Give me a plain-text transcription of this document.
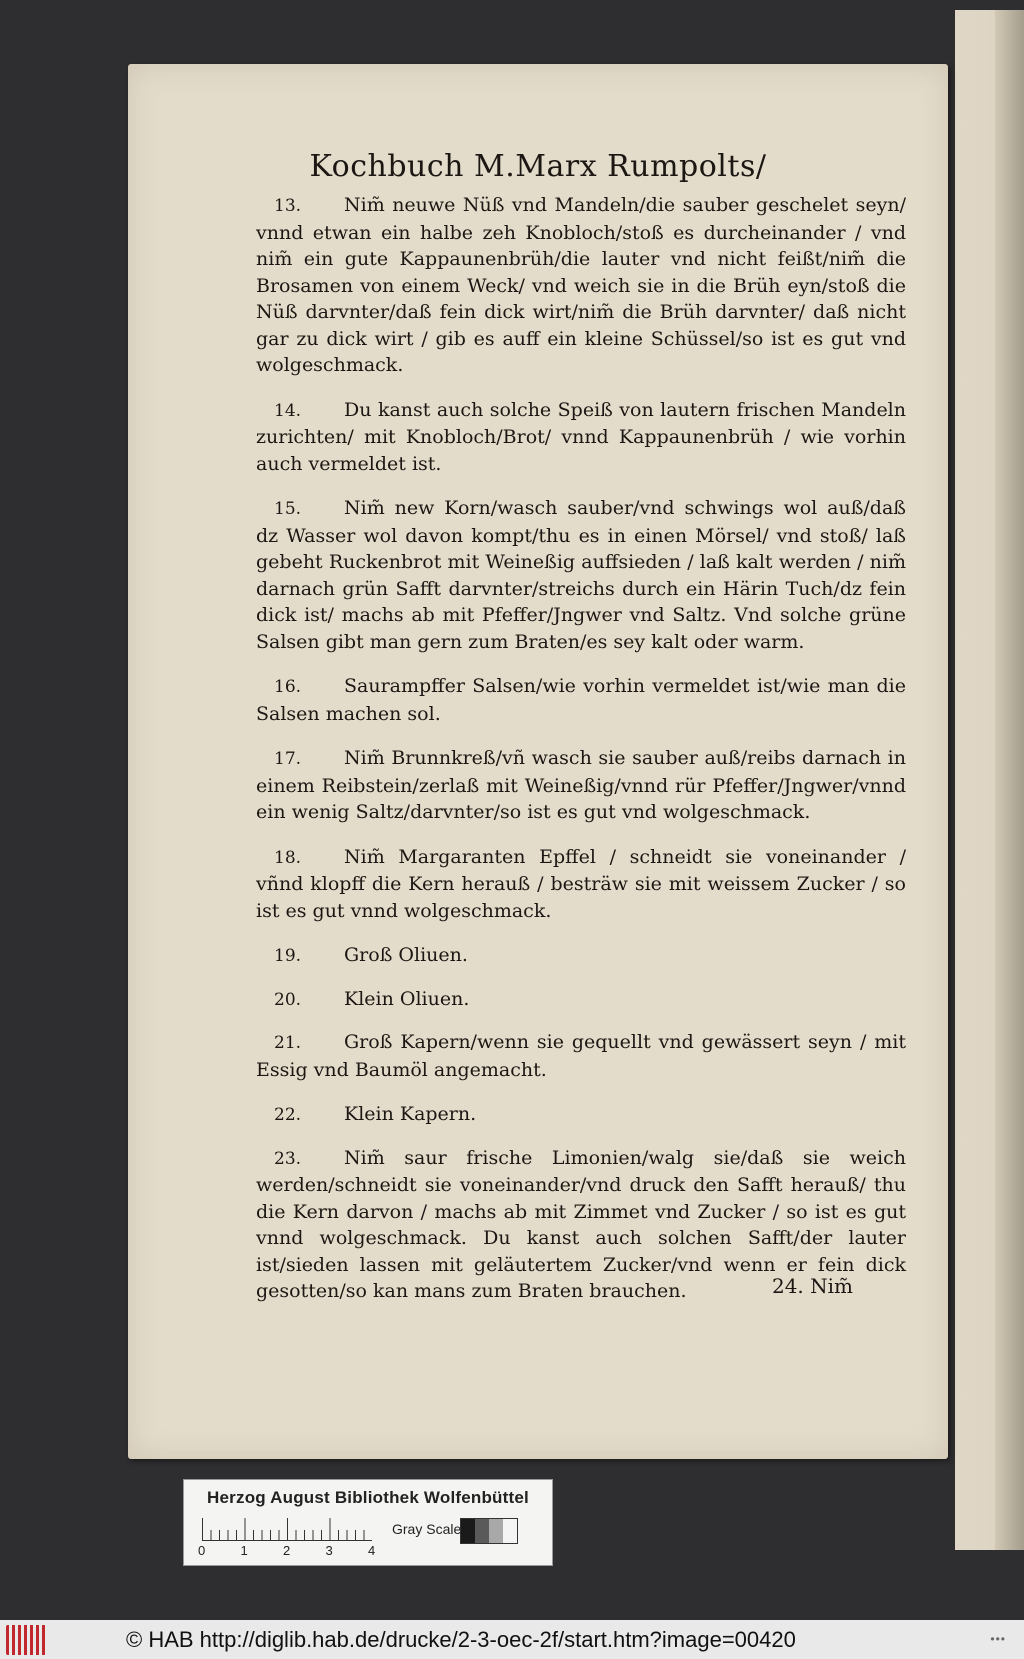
Kochbuch M.Marx Rumpolts/

13. Nim̃ neuwe Nüß vnd Mandeln/die sauber geschelet seyn/ vnnd etwan ein halbe zeh Knobloch/stoß es durcheinander / vnd nim̃ ein gute Kappaunenbrüh/die lauter vnd nicht feißt/nim̃ die Brosamen von einem Weck/ vnd weich sie in die Brüh eyn/stoß die Nüß darvnter/daß fein dick wirt/nim̃ die Brüh darvnter/ daß nicht gar zu dick wirt / gib es auff ein kleine Schüssel/so ist es gut vnd wolgeschmack.

14. Du kanst auch solche Speiß von lautern frischen Mandeln zurichten/ mit Knobloch/Brot/ vnnd Kappaunenbrüh / wie vorhin auch vermeldet ist.

15. Nim̃ new Korn/wasch sauber/vnd schwings wol auß/daß dz Wasser wol davon kompt/thu es in einen Mörsel/ vnd stoß/ laß gebeht Ruckenbrot mit Weineßig auffsieden / laß kalt werden / nim̃ darnach grün Safft darvnter/streichs durch ein Härin Tuch/dz fein dick ist/ machs ab mit Pfeffer/Jngwer vnd Saltz. Vnd solche grüne Salsen gibt man gern zum Braten/es sey kalt oder warm.

16. Saurampffer Salsen/wie vorhin vermeldet ist/wie man die Salsen machen sol.

17. Nim̃ Brunnkreß/vñ wasch sie sauber auß/reibs darnach in einem Reibstein/zerlaß mit Weineßig/vnnd rür Pfeffer/Jngwer/vnnd ein wenig Saltz/darvnter/so ist es gut vnd wolgeschmack.

18. Nim̃ Margaranten Epffel / schneidt sie voneinander / vñnd klopff die Kern herauß / besträw sie mit weissem Zucker / so ist es gut vnnd wolgeschmack.

19. Groß Oliuen.

20. Klein Oliuen.

21. Groß Kapern/wenn sie gequellt vnd gewässert seyn / mit Essig vnd Baumöl angemacht.

22. Klein Kapern.

23. Nim̃ saur frische Limonien/walg sie/daß sie weich werden/schneidt sie voneinander/vnd druck den Safft herauß/ thu die Kern darvon / machs ab mit Zimmet vnd Zucker / so ist es gut vnnd wolgeschmack. Du kanst auch solchen Safft/der lauter ist/sieden lassen mit geläutertem Zucker/vnd wenn er fein dick gesotten/so kan mans zum Braten brauchen.	24. Nim̃
Herzog August Bibliothek Wolfenbüttel
0	1	2	3	4
Gray Scale
© HAB http://diglib.hab.de/drucke/2-3-oec-2f/start.htm?image=00420	•••
